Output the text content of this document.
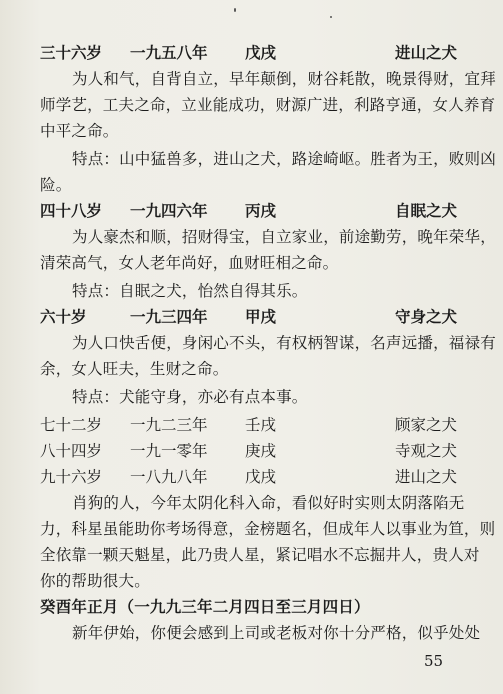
三十六岁 一九五八年 戊戌	进山之犬
为人和气，自背自立，早年颠倒，财谷耗散，晚景得财，宜拜
师学艺，工夫之命，立业能成功，财源广进，利路亨通，女人养育
中平之命。
特点：山中猛兽多，进山之犬，路途崎岖。胜者为王，败则凶
险。
四十八岁 一九四六年 丙戌	自眠之犬
为人豪杰和顺，招财得宝，自立家业，前途勤劳，晚年荣华，
清荣高气，女人老年尚好，血财旺相之命。
特点：自眠之犬，怡然自得其乐。
六十岁	一九三四年 甲戌	守身之犬
为人口快舌便，身闲心不头，有权柄智谋，名声远播，福禄有
余，女人旺夫，生财之命。
特点：犬能守身，亦必有点本事。
七十二岁 一九二三年 壬戌	顾家之犬
八十四岁 一九一零年 庚戌	寺观之犬
九十六岁 一八九八年 戊戌	进山之犬
肖狗的人，今年太阴化科入命，看似好时实则太阴落陷无
力，科星虽能助你考场得意，金榜题名，但成年人以事业为笪，则
全依靠一颗天魁星，此乃贵人星，紧记唱水不忘掘井人，贵人对
你的帮助很大。
癸酉年正月（一九九三年二月四日至三月四日）
新年伊始，你便会感到上司或老板对你十分严格，似乎处处
55
